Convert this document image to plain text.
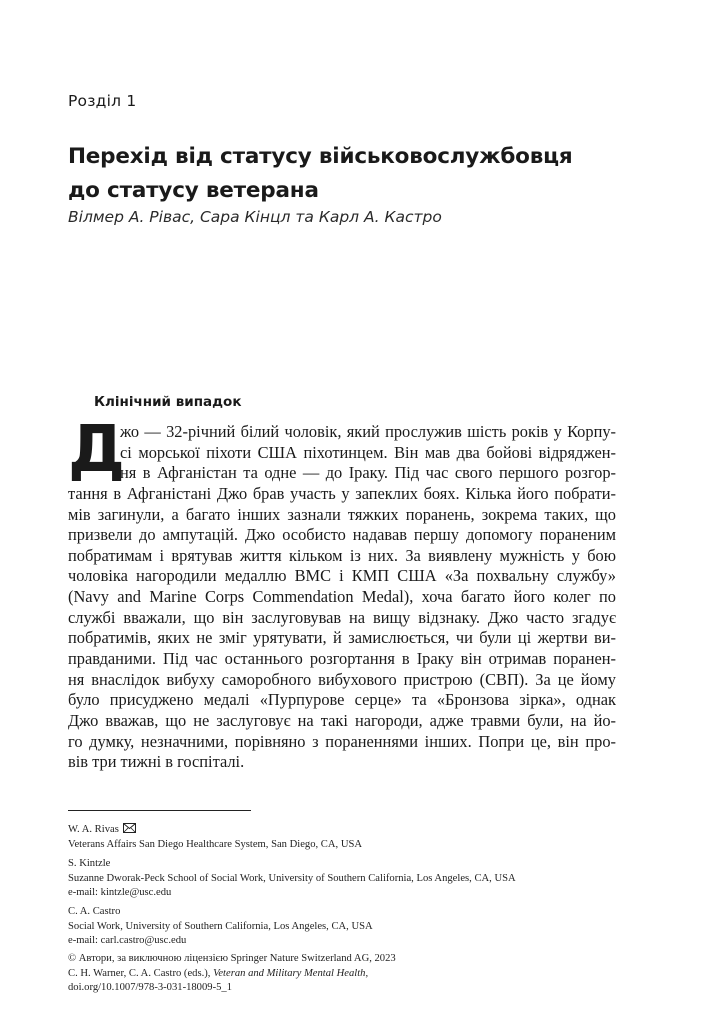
Розділ 1
Перехід від статусу військовослужбовця
до статусу ветерана
Вілмер А. Рівас, Сара Кінцл та Карл А. Кастро
Клінічний випадок
Д
жо — 32-річний білий чоловік, який прослужив шість років у Корпу-
сі морської піхоти США піхотинцем. Він мав два бойові відряджен-
ня в Афганістан та одне — до Іраку. Під час свого першого розгор-
тання в Афганістані Джо брав участь у запеклих боях. Кілька його побрати-
мів загинули, а багато інших зазнали тяжких поранень, зокрема таких, що
призвели до ампутацій. Джо особисто надавав першу допомогу пораненим
побратимам і врятував життя кільком із них. За виявлену мужність у бою
чоловіка нагородили медаллю ВМС і КМП США «За похвальну службу»
(Navy and Marine Corps Commendation Medal), хоча багато його колег по
службі вважали, що він заслуговував на вищу відзнаку. Джо часто згадує
побратимів, яких не зміг урятувати, й замислюється, чи були ці жертви ви-
правданими. Під час останнього розгортання в Іраку він отримав поранен-
ня внаслідок вибуху саморобного вибухового пристрою (СВП). За це йому
було присуджено медалі «Пурпурове серце» та «Бронзова зірка», однак
Джо вважав, що не заслуговує на такі нагороди, адже травми були, на йо-
го думку, незначними, порівняно з пораненнями інших. Попри це, він про-
вів три тижні в госпіталі.
W. A. Rivas
Veterans Affairs San Diego Healthcare System, San Diego, CA, USA
S. Kintzle
Suzanne Dworak-Peck School of Social Work, University of Southern California, Los Angeles, CA, USA
e-mail: kintzle@usc.edu
C. A. Castro
Social Work, University of Southern California, Los Angeles, CA, USA
e-mail: carl.castro@usc.edu
© Автори, за виключною ліцензією Springer Nature Switzerland AG, 2023
C. H. Warner, C. A. Castro (eds.), Veteran and Military Mental Health,
doi.org/10.1007/978-3-031-18009-5_1
